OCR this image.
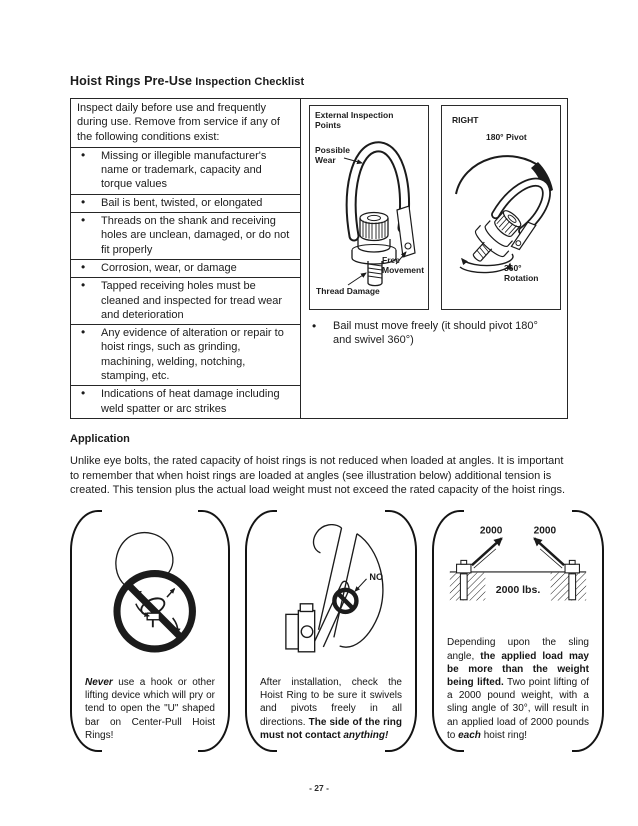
Hoist Rings Pre-Use Inspection Checklist
Inspect daily before use and frequently during use. Remove from service if any of the following conditions exist:
• Missing or illegible manufacturer's name or trademark, capacity and torque values
• Bail is bent, twisted, or elongated
• Threads on the shank and receiving holes are unclean, damaged, or do not fit properly
• Corrosion, wear, or damage
• Tapped receiving holes must be cleaned and inspected for tread wear and deterioration
• Any evidence of alteration or repair to hoist rings, such as grinding, machining, welding, notching, stamping, etc.
• Indications of heat damage including weld spatter or arc strikes
External Inspection Points
Possible Wear
Free Movement
Thread Damage
RIGHT
180° Pivot
360° Rotation
• Bail must move freely (it should pivot 180° and swivel 360°)
Application
Unlike eye bolts, the rated capacity of hoist rings is not reduced when loaded at angles. It is important to remember that when hoist rings are loaded at angles (see illustration below) additional tension is created. This tension plus the actual load weight must not exceed the rated capacity of the hoist rings.
Never use a hook or other lifting device which will pry or tend to open the "U" shaped bar on Center-Pull Hoist Rings!
NO
After installation, check the Hoist Ring to be sure it swivels and pivots freely in all directions. The side of the ring must not contact anything!
2000	2000
2000 lbs.
Depending upon the sling angle, the applied load may be more than the weight being lifted. Two point lifting of a 2000 pound weight, with a sling angle of 30°, will result in an applied load of 2000 pounds to each hoist ring!
- 27 -
